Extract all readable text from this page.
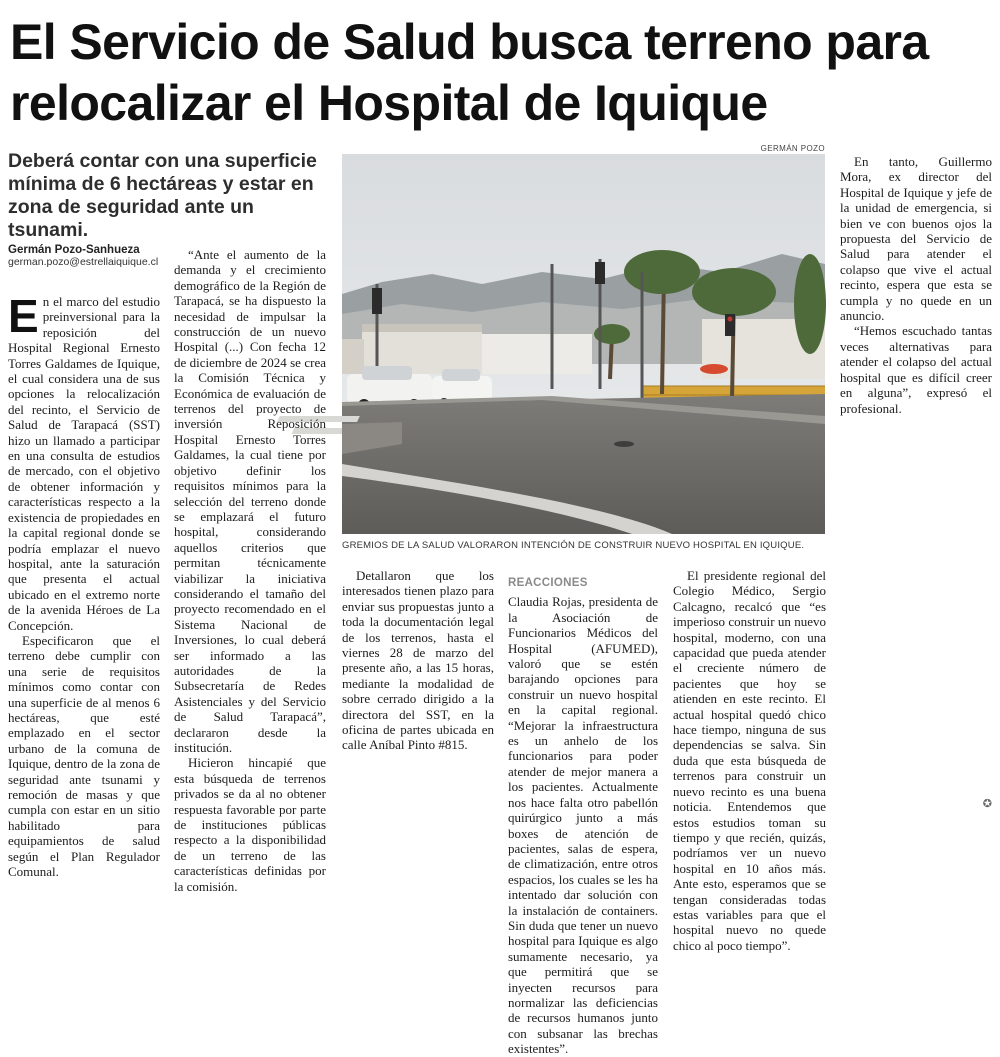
El Servicio de Salud busca terreno para relocalizar el Hospital de Iquique
GERMÁN POZO

Deberá contar con una superficie mínima de 6 hectáreas y estar en zona de seguridad ante un tsunami.

Germán Pozo-Sanhueza
german.pozo@estrellaiquique.cl
GREMIOS DE LA SALUD VALORARON INTENCIÓN DE CONSTRUIR NUEVO HOSPITAL EN IQUIQUE.

En el marco del estudio preinversional para la reposición del Hospital Regional Ernesto Torres Galdames de Iquique, el cual considera una de sus opciones la relocalización del recinto, el Servicio de Salud de Tarapacá (SST) hizo un llamado a participar en una consulta de estudios de mercado, con el objetivo de obtener información y características respecto a la existencia de propiedades en la capital regional donde se podría emplazar el nuevo hospital, ante la saturación que presenta el actual ubicado en el extremo norte de la avenida Héroes de La Concepción.

Especificaron que el terreno debe cumplir con una serie de requisitos mínimos como contar con una superficie de al menos 6 hectáreas, que esté emplazado en el sector urbano de la comuna de Iquique, dentro de la zona de seguridad ante tsunami y remoción de masas y que cumpla con estar en un sitio habilitado para equipamientos de salud según el Plan Regulador Comunal.

“Ante el aumento de la demanda y el crecimiento demográfico de la Región de Tarapacá, se ha dispuesto la necesidad de impulsar la construcción de un nuevo Hospital (...) Con fecha 12 de diciembre de 2024 se crea la Comisión Técnica y Económica de evaluación de terrenos del proyecto de inversión Reposición Hospital Ernesto Torres Galdames, la cual tiene por objetivo definir los requisitos mínimos para la selección del terreno donde se emplazará el futuro hospital, considerando aquellos criterios que permitan técnicamente viabilizar la iniciativa considerando el tamaño del proyecto recomendado en el Sistema Nacional de Inversiones, lo cual deberá ser informado a las autoridades de la Subsecretaría de Redes Asistenciales y del Servicio de Salud Tarapacá”, declararon desde la institución.

Hicieron hincapié que esta búsqueda de terrenos privados se da al no obtener respuesta favorable por parte de instituciones públicas respecto a la disponibilidad de un terreno de las características definidas por la comisión.

Detallaron que los interesados tienen plazo para enviar sus propuestas junto a toda la documentación legal de los terrenos, hasta el viernes 28 de marzo del presente año, a las 15 horas, mediante la modalidad de sobre cerrado dirigido a la directora del SST, en la oficina de partes ubicada en calle Aníbal Pinto #815.

REACCIONES

Claudia Rojas, presidenta de la Asociación de Funcionarios Médicos del Hospital (AFUMED), valoró que se estén barajando opciones para construir un nuevo hospital en la capital regional. “Mejorar la infraestructura es un anhelo de los funcionarios para poder atender de mejor manera a los pacientes. Actualmente nos hace falta otro pabellón quirúrgico junto a más boxes de atención de pacientes, salas de espera, de climatización, entre otros espacios, los cuales se les ha intentado dar solución con la instalación de containers. Sin duda que tener un nuevo hospital para Iquique es algo sumamente necesario, ya que permitirá que se inyecten recursos para normalizar las deficiencias de recursos humanos junto con subsanar las brechas existentes”.

El presidente regional del Colegio Médico, Sergio Calcagno, recalcó que “es imperioso construir un nuevo hospital, moderno, con una capacidad que pueda atender el creciente número de pacientes que hoy se atienden en este recinto. El actual hospital quedó chico hace tiempo, ninguna de sus dependencias se salva. Sin duda que esta búsqueda de terrenos para construir un nuevo recinto es una buena noticia. Entendemos que estos estudios toman su tiempo y que recién, quizás, podríamos ver un nuevo hospital en 10 años más. Ante esto, esperamos que se tengan consideradas todas estas variables para que el hospital nuevo no quede chico al poco tiempo”.

En tanto, Guillermo Mora, ex director del Hospital de Iquique y jefe de la unidad de emergencia, si bien ve con buenos ojos la propuesta del Servicio de Salud para atender el colapso que vive el actual recinto, espera que esta se cumpla y no quede en un anuncio.

“Hemos escuchado tantas veces alternativas para atender el colapso del actual hospital que es difícil creer en alguna”, expresó el profesional.

✪
